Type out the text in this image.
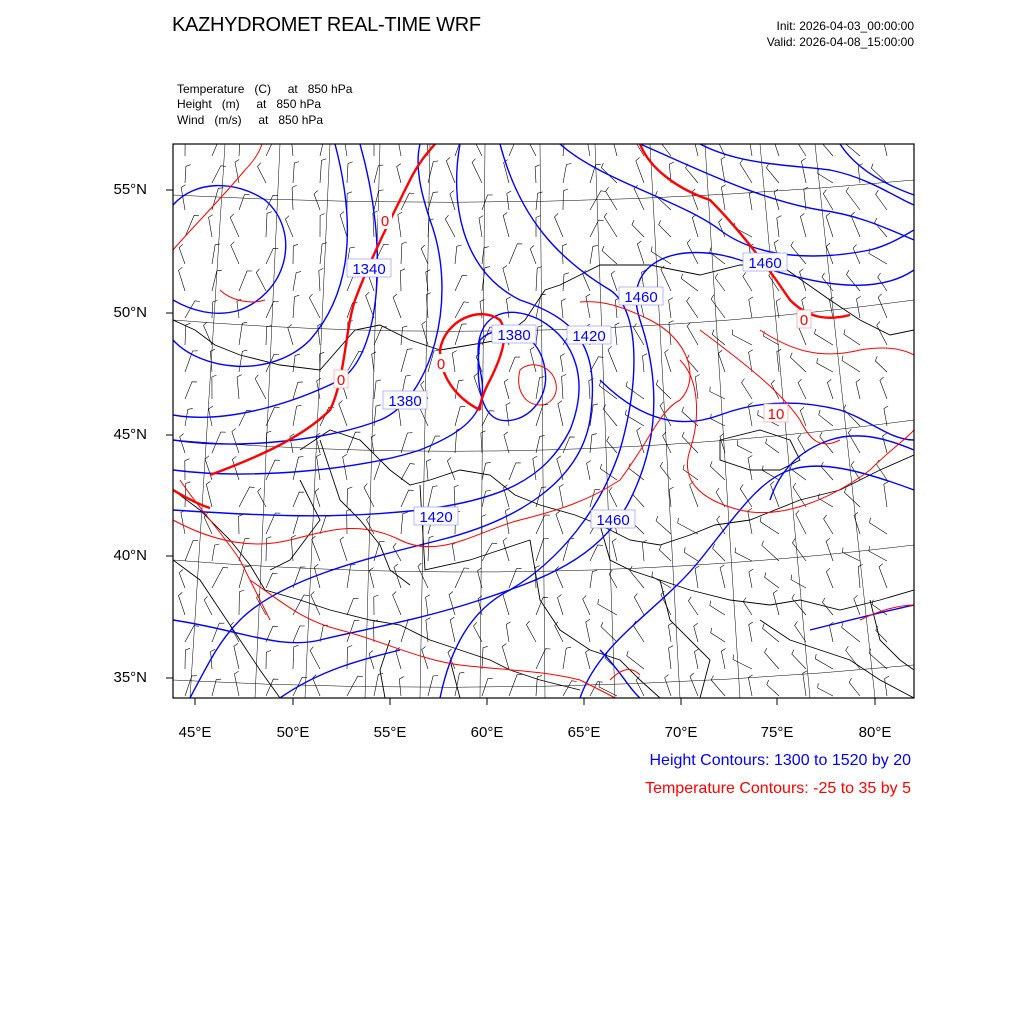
KAZHYDROMET REAL-TIME WRF	Init: 2026-04-03_00:00:00
Valid: 2026-04-08_15:00:00
Temperature   (C)     at   850 hPa
Height   (m)     at   850 hPa
Wind   (m/s)     at   850 hPa
1340
1380
1420	1460
1380	1420
1460
1460
0
0
0
0
10
55°N
50°N
45°N
40°N
35°N
45°E	50°E	55°E	60°E	65°E	70°E	75°E	80°E
Height Contours: 1300 to 1520 by 20
Temperature Contours: -25 to 35 by 5
